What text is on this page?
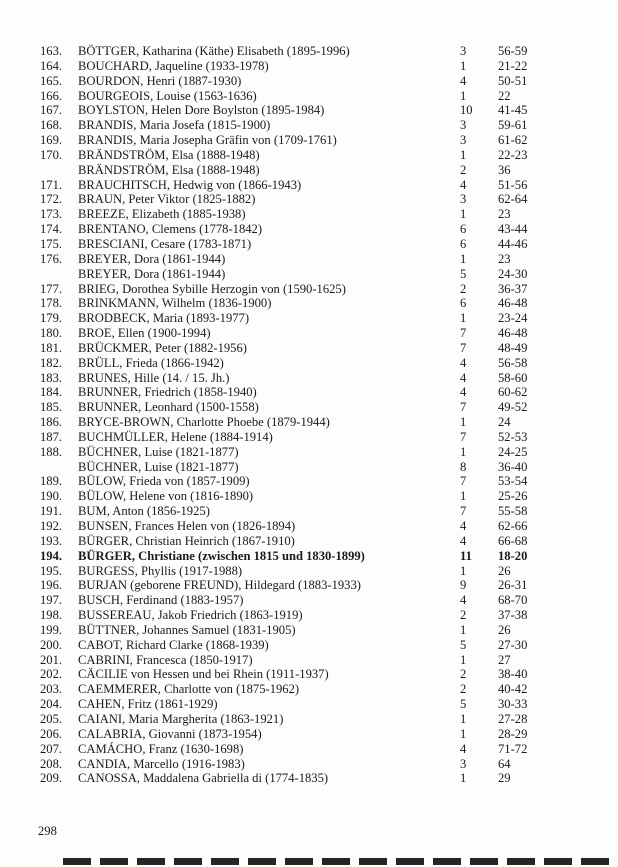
163. BÖTTGER, Katharina (Käthe) Elisabeth (1895-1996)	3	56-59
164. BOUCHARD, Jaqueline (1933-1978)	1	21-22
165. BOURDON, Henri (1887-1930)	4	50-51
166. BOURGEOIS, Louise (1563-1636)	1	22
167. BOYLSTON, Helen Dore Boylston (1895-1984)	10 41-45
168. BRANDIS, Maria Josefa (1815-1900)	3	59-61
169. BRANDIS, Maria Josepha Gräfin von (1709-1761)	3	61-62
170. BRÄNDSTRÖM, Elsa (1888-1948)	1	22-23
BRÄNDSTRÖM, Elsa (1888-1948)	2	36
171. BRAUCHITSCH, Hedwig von (1866-1943)	4	51-56
172. BRAUN, Peter Viktor (1825-1882)	3	62-64
173. BREEZE, Elizabeth (1885-1938)	1	23
174. BRENTANO, Clemens (1778-1842)	6	43-44
175. BRESCIANI, Cesare (1783-1871)	6	44-46
176. BREYER, Dora (1861-1944)	1	23
BREYER, Dora (1861-1944)	5	24-30
177. BRIEG, Dorothea Sybille Herzogin von (1590-1625)	2	36-37
178. BRINKMANN, Wilhelm (1836-1900)	6	46-48
179. BRODBECK, Maria (1893-1977)	1	23-24
180. BROE, Ellen (1900-1994)	7	46-48
181. BRÜCKMER, Peter (1882-1956)	7	48-49
182. BRÜLL, Frieda (1866-1942)	4	56-58
183. BRUNES, Hille (14. / 15. Jh.)	4	58-60
184. BRUNNER, Friedrich (1858-1940)	4	60-62
185. BRUNNER, Leonhard (1500-1558)	7	49-52
186. BRYCE-BROWN, Charlotte Phoebe (1879-1944)	1	24
187. BUCHMÜLLER, Helene (1884-1914)	7	52-53
188. BÜCHNER, Luise (1821-1877)	1	24-25
BÜCHNER, Luise (1821-1877)	8	36-40
189. BÜLOW, Frieda von (1857-1909)	7	53-54
190. BÜLOW, Helene von (1816-1890)	1	25-26
191. BUM, Anton (1856-1925)	7	55-58
192. BUNSEN, Frances Helen von (1826-1894)	4	62-66
193. BÜRGER, Christian Heinrich (1867-1910)	4	66-68
194. BÜRGER, Christiane (zwischen 1815 und 1830-1899)	11 18-20
195. BURGESS, Phyllis (1917-1988)	1	26
196. BURJAN (geborene FREUND), Hildegard (1883-1933)	9	26-31
197. BUSCH, Ferdinand (1883-1957)	4	68-70
198. BUSSEREAU, Jakob Friedrich (1863-1919)	2	37-38
199. BÜTTNER, Johannes Samuel (1831-1905)	1	26
200. CABOT, Richard Clarke (1868-1939)	5	27-30
201. CABRINI, Francesca (1850-1917)	1	27
202. CÄCILIE von Hessen und bei Rhein (1911-1937)	2	38-40
203. CAEMMERER, Charlotte von (1875-1962)	2	40-42
204. CAHEN, Fritz (1861-1929)	5	30-33
205. CAIANI, Maria Margherita (1863-1921)	1	27-28
206. CALABRIA, Giovanni (1873-1954)	1	28-29
207. CAMÁCHO, Franz (1630-1698)	4	71-72
208. CANDIA, Marcello (1916-1983)	3	64
209. CANOSSA, Maddalena Gabriella di (1774-1835)	1	29
298
